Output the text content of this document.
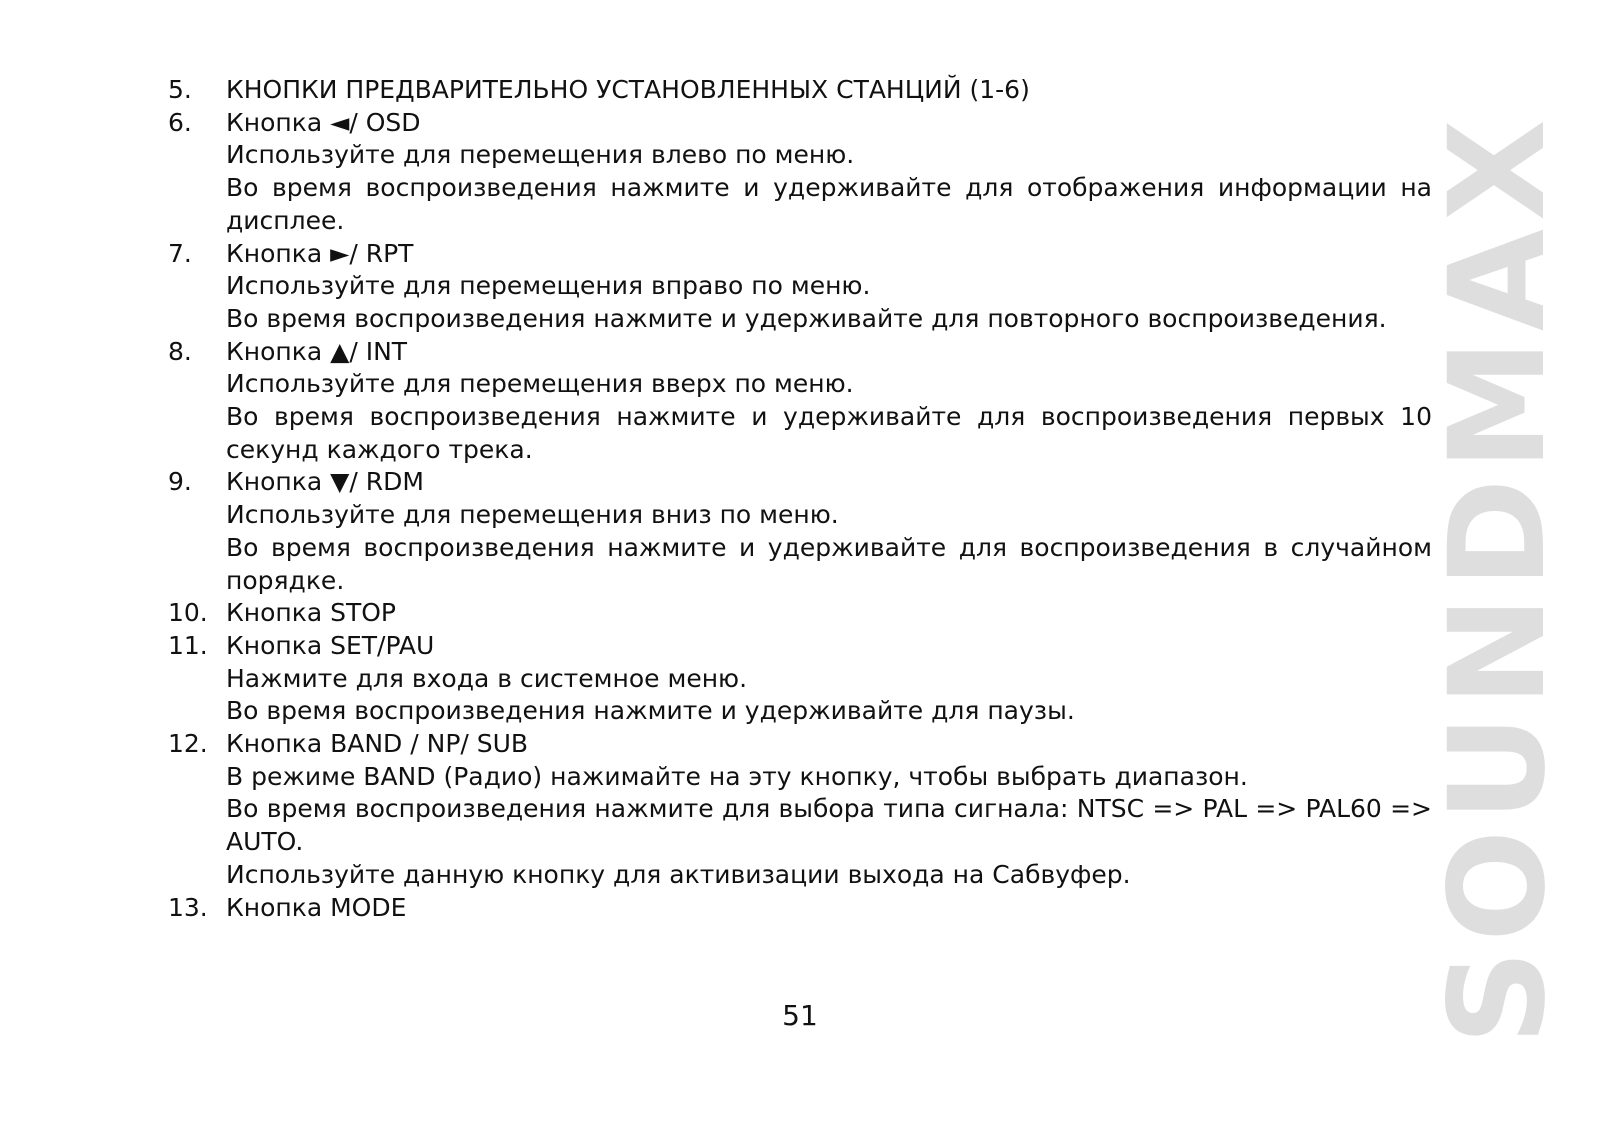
5.	КНОПКИ ПРЕДВАРИТЕЛЬНО УСТАНОВЛЕННЫХ СТАНЦИЙ (1-6)
6.	Кнопка ◄/ OSD
Используйте для перемещения влево по меню.
Во время воспроизведения нажмите и удерживайте для отображения информации на дисплее.
7.	Кнопка ►/ RPT
Используйте для перемещения вправо по меню.
Во время воспроизведения нажмите и удерживайте для повторного воспроизведения.
8.	Кнопка ▲/ INT
Используйте для перемещения вверх по меню.
Во время воспроизведения нажмите и удерживайте для воспроизведения первых 10 секунд каждого трека.
9.	Кнопка ▼/ RDM
Используйте для перемещения вниз по меню.
Во время воспроизведения нажмите и удерживайте для воспроизведения в случайном порядке.
10. Кнопка STOP
11. Кнопка SET/PAU
Нажмите для входа в системное меню.
Во время воспроизведения нажмите и удерживайте для паузы.
12. Кнопка BAND / NP/ SUB
В режиме BAND (Радио) нажимайте на эту кнопку, чтобы выбрать диапазон.
Во время воспроизведения нажмите для выбора типа сигнала: NTSC => PAL => PAL60 => AUTO.
Используйте данную кнопку для активизации выхода на Сабвуфер.
13. Кнопка MODE
51	SOUNDMAX
